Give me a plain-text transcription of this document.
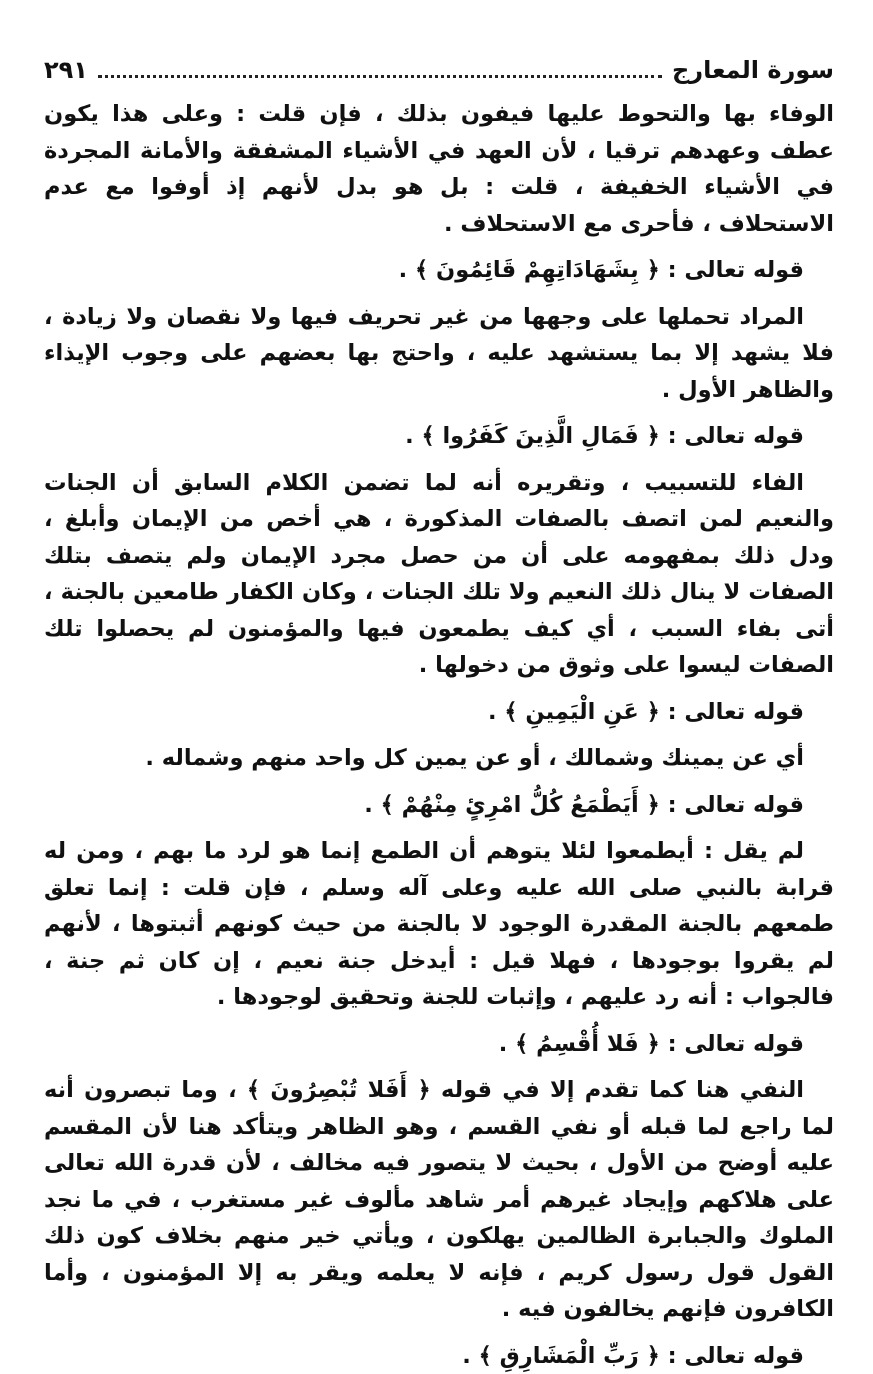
سورة المعارج
٢٩١

الوفاء بها والتحوط عليها فيفون بذلك ، فإن قلت : وعلى هذا يكون عطف وعهدهم ترقيا ، لأن العهد في الأشياء المشفقة والأمانة المجردة في الأشياء الخفيفة ، قلت : بل هو بدل لأنهم إذ أوفوا مع عدم الاستحلاف ، فأحرى مع الاستحلاف .

قوله تعالى : ﴿ بِشَهَادَاتِهِمْ قَائِمُونَ ﴾ .

المراد تحملها على وجهها من غير تحريف فيها ولا نقصان ولا زيادة ، فلا يشهد إلا بما يستشهد عليه ، واحتج بها بعضهم على وجوب الإيذاء والظاهر الأول .

قوله تعالى : ﴿ فَمَالِ الَّذِينَ كَفَرُوا ﴾ .

الفاء للتسبيب ، وتقريره أنه لما تضمن الكلام السابق أن الجنات والنعيم لمن اتصف بالصفات المذكورة ، هي أخص من الإيمان وأبلغ ، ودل ذلك بمفهومه على أن من حصل مجرد الإيمان ولم يتصف بتلك الصفات لا ينال ذلك النعيم ولا تلك الجنات ، وكان الكفار طامعين بالجنة ، أتى بفاء السبب ، أي كيف يطمعون فيها والمؤمنون لم يحصلوا تلك الصفات ليسوا على وثوق من دخولها .

قوله تعالى : ﴿ عَنِ الْيَمِينِ ﴾ .

أي عن يمينك وشمالك ، أو عن يمين كل واحد منهم وشماله .

قوله تعالى : ﴿ أَيَطْمَعُ كُلُّ امْرِئٍ مِنْهُمْ ﴾ .

لم يقل : أيطمعوا لئلا يتوهم أن الطمع إنما هو لرد ما بهم ، ومن له قرابة بالنبي صلى الله عليه وعلى آله وسلم ، فإن قلت : إنما تعلق طمعهم بالجنة المقدرة الوجود لا بالجنة من حيث كونهم أثبتوها ، لأنهم لم يقروا بوجودها ، فهلا قيل : أيدخل جنة نعيم ، إن كان ثم جنة ، فالجواب : أنه رد عليهم ، وإثبات للجنة وتحقيق لوجودها .

قوله تعالى : ﴿ فَلا أُقْسِمُ ﴾ .

النفي هنا كما تقدم إلا في قوله ﴿ أَفَلا تُبْصِرُونَ ﴾ ، وما تبصرون أنه لما راجع لما قبله أو نفي القسم ، وهو الظاهر ويتأكد هنا لأن المقسم عليه أوضح من الأول ، بحيث لا يتصور فيه مخالف ، لأن قدرة الله تعالى على هلاكهم وإيجاد غيرهم أمر شاهد مألوف غير مستغرب ، في ما نجد الملوك والجبابرة الظالمين يهلكون ، ويأتي خير منهم بخلاف كون ذلك القول قول رسول كريم ، فإنه لا يعلمه ويقر به إلا المؤمنون ، وأما الكافرون فإنهم يخالفون فيه .

قوله تعالى : ﴿ رَبِّ الْمَشَارِقِ ﴾ .
